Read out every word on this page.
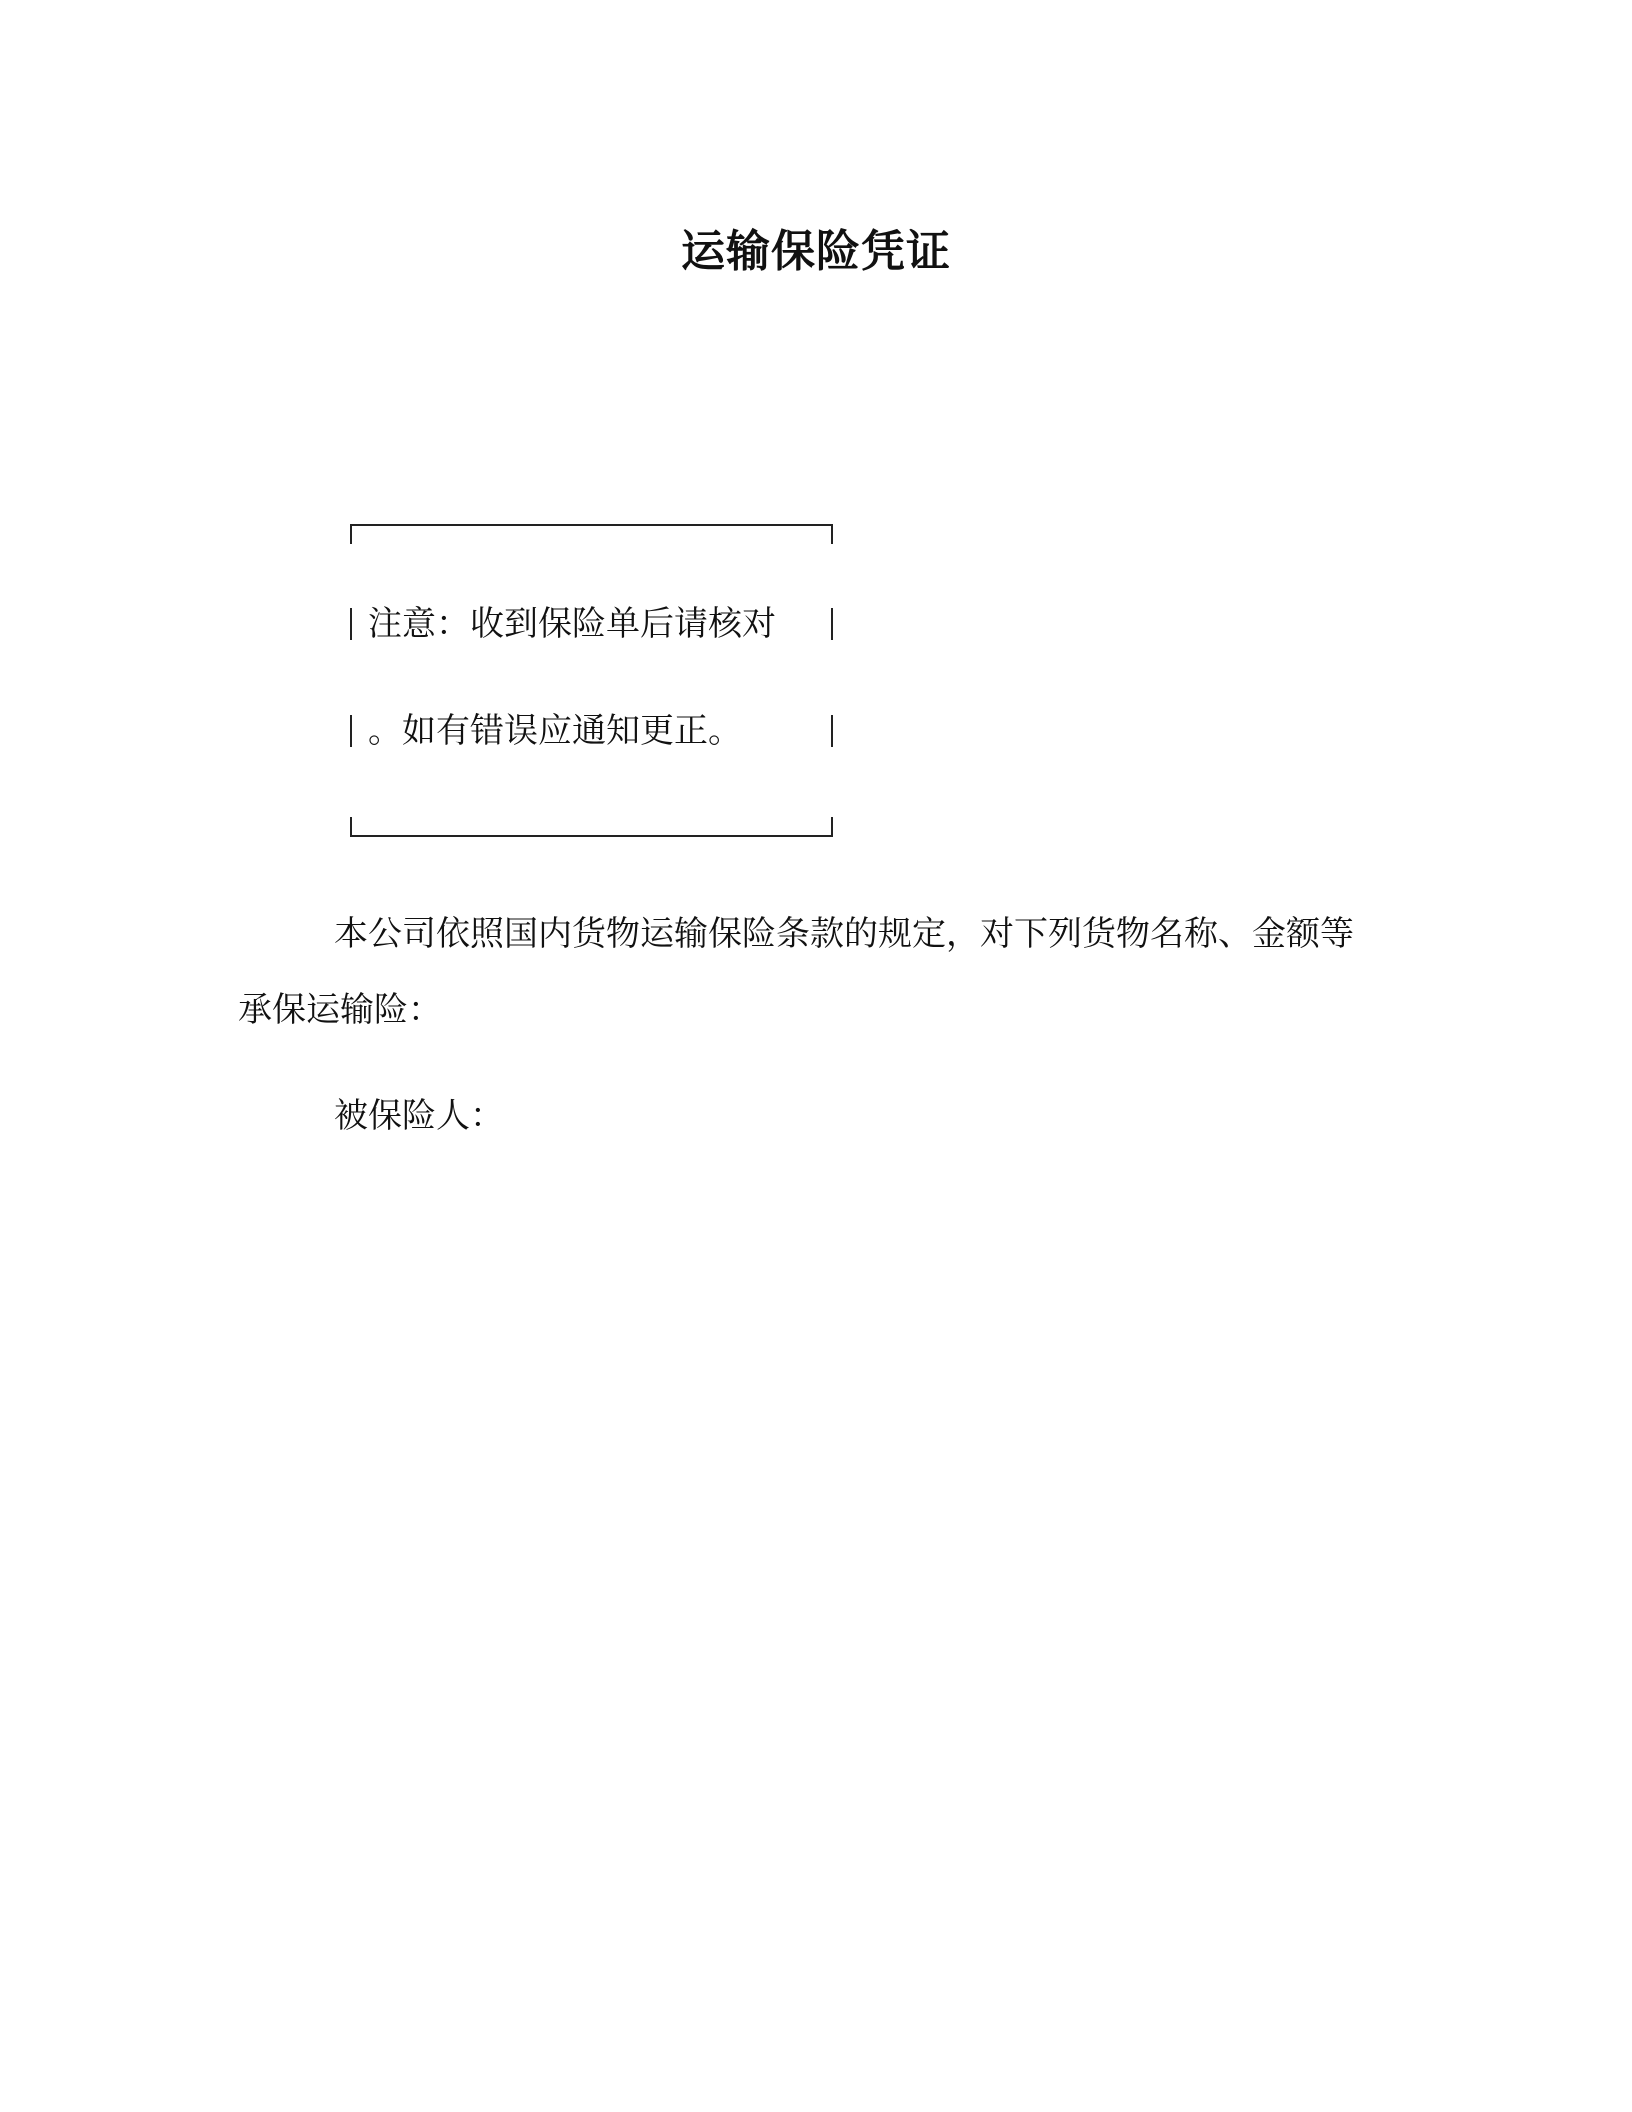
运输保险凭证
注意：收到保险单后请核对
。如有错误应通知更正。

本公司依照国内货物运输保险条款的规定，对下列货物名称、金额等承保运输险：

被保险人：
